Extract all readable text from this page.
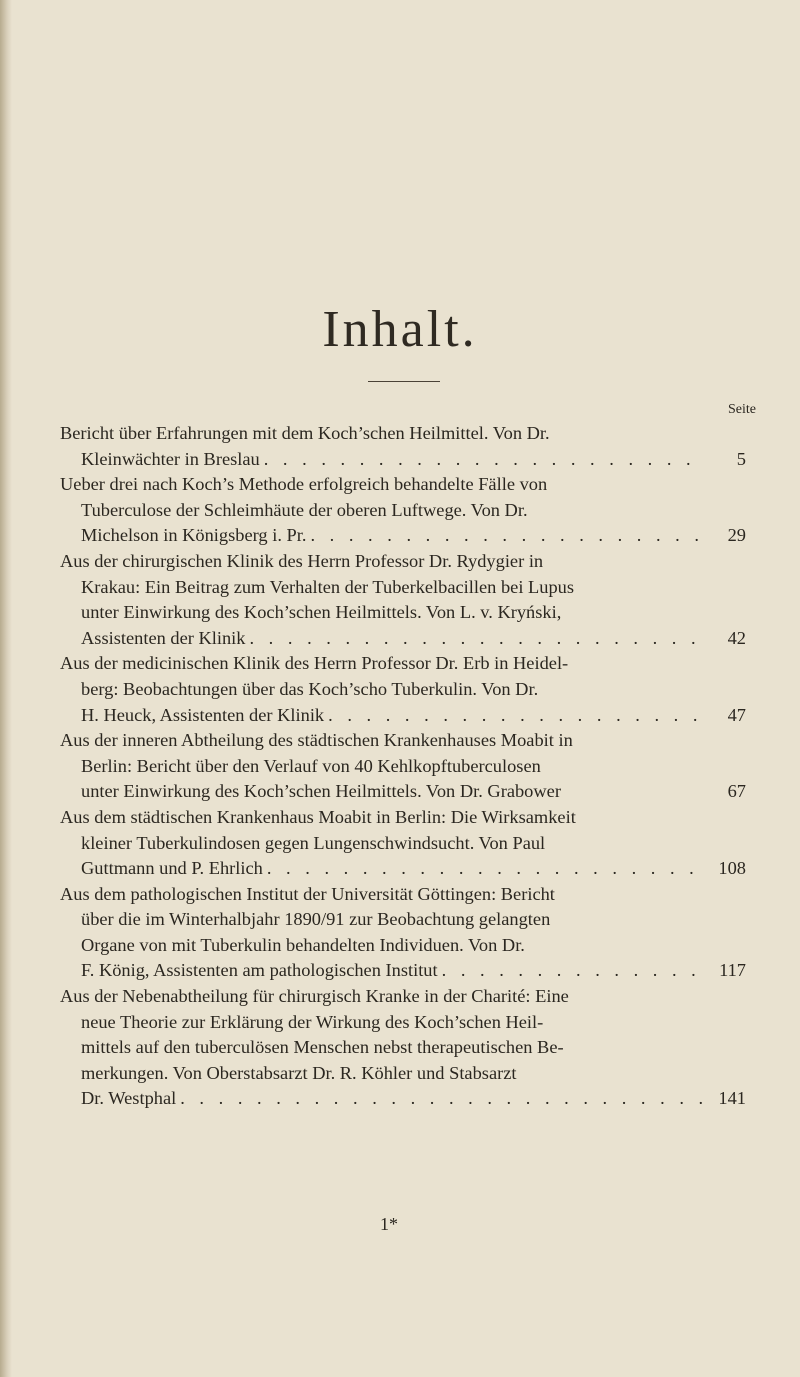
Inhalt.
Seite
Bericht über Erfahrungen mit dem Koch’schen Heilmittel. Von Dr.
Kleinwächter in Breslau . . .	5
Ueber drei nach Koch’s Methode erfolgreich behandelte Fälle von
Tuberculose der Schleimhäute der oberen Luftwege. Von Dr.
Michelson in Königsberg i. Pr. . . .	29
Aus der chirurgischen Klinik des Herrn Professor Dr. Rydygier in
Krakau: Ein Beitrag zum Verhalten der Tuberkelbacillen bei Lupus
unter Einwirkung des Koch’schen Heilmittels. Von L. v. Kryński,
Assistenten der Klinik . . .	42
Aus der medicinischen Klinik des Herrn Professor Dr. Erb in Heidel-
berg: Beobachtungen über das Koch’scho Tuberkulin. Von Dr.
H. Heuck, Assistenten der Klinik . . .	47
Aus der inneren Abtheilung des städtischen Krankenhauses Moabit in
Berlin: Bericht über den Verlauf von 40 Kehlkopftuberculosen
unter Einwirkung des Koch’schen Heilmittels. Von Dr. Grabower	67
Aus dem städtischen Krankenhaus Moabit in Berlin: Die Wirksamkeit
kleiner Tuberkulindosen gegen Lungenschwindsucht. Von Paul
Guttmann und P. Ehrlich . . .	108
Aus dem pathologischen Institut der Universität Göttingen: Bericht
über die im Winterhalbjahr 1890/91 zur Beobachtung gelangten
Organe von mit Tuberkulin behandelten Individuen. Von Dr.
F. König, Assistenten am pathologischen Institut . . .	117
Aus der Nebenabtheilung für chirurgisch Kranke in der Charité: Eine
neue Theorie zur Erklärung der Wirkung des Koch’schen Heil-
mittels auf den tuberculösen Menschen nebst therapeutischen Be-
merkungen. Von Oberstabsarzt Dr. R. Köhler und Stabsarzt
Dr. Westphal . . .	141
1*
